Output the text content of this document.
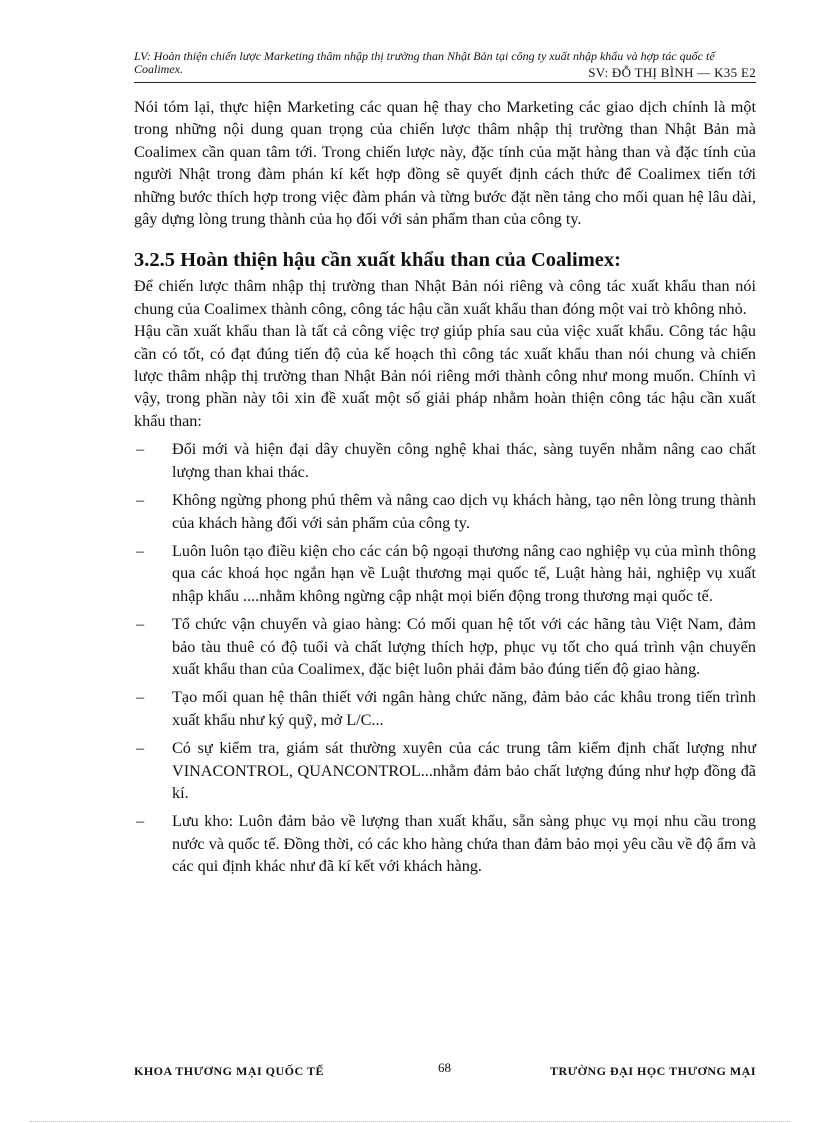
LV: Hoàn thiện chiến lược Marketing thâm nhập thị trường than Nhật Bản tại công ty xuất nhập khẩu và hợp tác quốc tế Coalimex.	SV: ĐỖ THỊ BÌNH — K35 E2

Nói tóm lại, thực hiện Marketing các quan hệ thay cho Marketing các giao dịch chính là một trong những nội dung quan trọng của chiến lược thâm nhập thị trường than Nhật Bản mà Coalimex cần quan tâm tới. Trong chiến lược này, đặc tính của mặt hàng than và đặc tính của người Nhật trong đàm phán kí kết hợp đồng sẽ quyết định cách thức để Coalimex tiến tới những bước thích hợp trong việc đàm phán và từng bước đặt nền tảng cho mối quan hệ lâu dài, gây dựng lòng trung thành của họ đối với sản phẩm than của công ty.

3.2.5 Hoàn thiện hậu cần xuất khẩu than của Coalimex:

Để chiến lược thâm nhập thị trường than Nhật Bản nói riêng và công tác xuất khẩu than nói chung của Coalimex thành công, công tác hậu cần xuất khẩu than đóng một vai trò không nhỏ.

Hậu cần xuất khẩu than là tất cả công việc trợ giúp phía sau của việc xuất khẩu. Công tác hậu cần có tốt, có đạt đúng tiến độ của kế hoạch thì công tác xuất khẩu than nói chung và chiến lược thâm nhập thị trường than Nhật Bản nói riêng mới thành công như mong muốn. Chính vì vậy, trong phần này tôi xin đề xuất một số giải pháp nhằm hoàn thiện công tác hậu cần xuất khẩu than:

–	Đổi mới và hiện đại dây chuyền công nghệ khai thác, sàng tuyển nhằm nâng cao chất lượng than khai thác.
–	Không ngừng phong phú thêm và nâng cao dịch vụ khách hàng, tạo nên lòng trung thành của khách hàng đối với sản phẩm của công ty.
–	Luôn luôn tạo điều kiện cho các cán bộ ngoại thương nâng cao nghiệp vụ của mình thông qua các khoá học ngắn hạn về Luật thương mại quốc tế, Luật hàng hải, nghiệp vụ xuất nhập khẩu ....nhằm không ngừng cập nhật mọi biến động trong thương mại quốc tế.
–	Tổ chức vận chuyển và giao hàng: Có mối quan hệ tốt với các hãng tàu Việt Nam, đảm bảo tàu thuê có độ tuổi và chất lượng thích hợp, phục vụ tốt cho quá trình vận chuyển xuất khẩu than của Coalimex, đặc biệt luôn phải đảm bảo đúng tiến độ giao hàng.
–	Tạo mối quan hệ thân thiết với ngân hàng chức năng, đảm bảo các khâu trong tiến trình xuất khẩu như ký quỹ, mở L/C...
–	Có sự kiểm tra, giám sát thường xuyên của các trung tâm kiểm định chất lượng như VINACONTROL, QUANCONTROL...nhằm đảm bảo chất lượng đúng như hợp đồng đã kí.
–	Lưu kho: Luôn đảm bảo về lượng than xuất khẩu, sẵn sàng phục vụ mọi nhu cầu trong nước và quốc tế. Đồng thời, có các kho hàng chứa than đảm bảo mọi yêu cầu về độ ẩm và các qui định khác như đã kí kết với khách hàng.
KHOA THƯƠNG MẠI QUỐC TẾ	68	TRƯỜNG ĐẠI HỌC THƯƠNG MẠI
